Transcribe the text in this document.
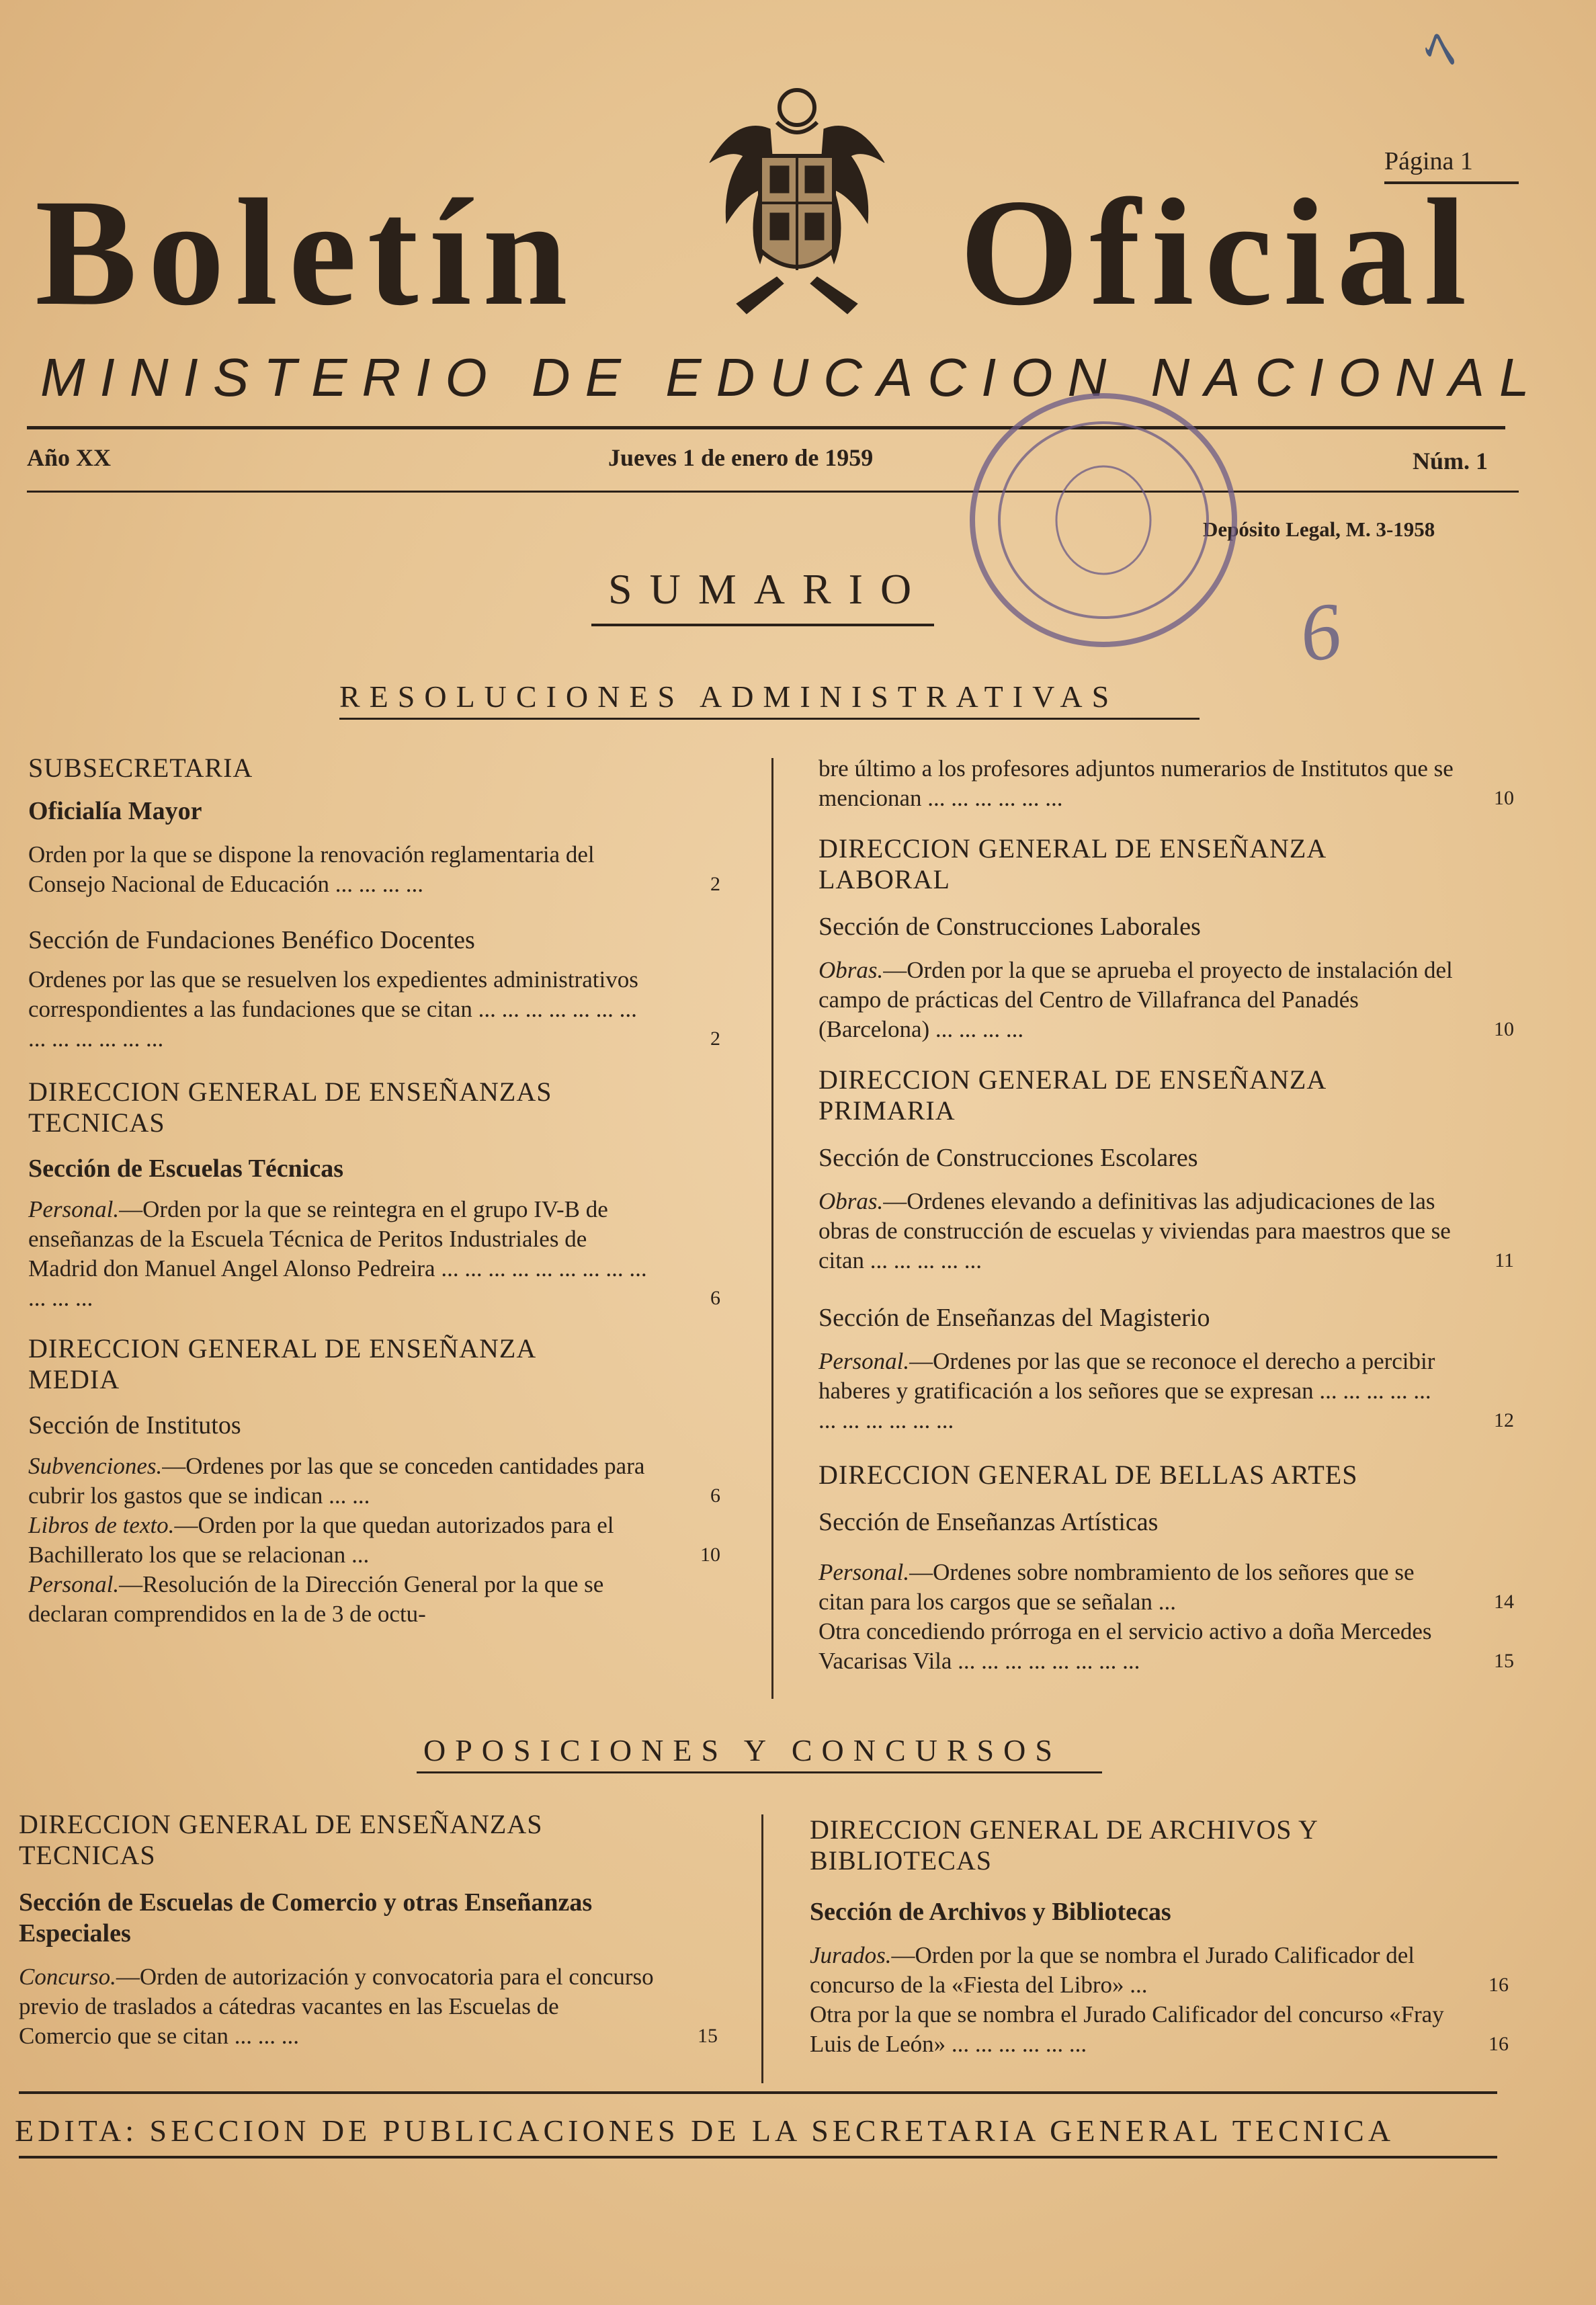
ﾍ
Página 1
Boletín Oficial
MINISTERIO DE EDUCACION NACIONAL
Año XX	Jueves 1 de enero de 1959	Núm. 1
Depósito Legal, M. 3-1958
6
SUMARIO
RESOLUCIONES ADMINISTRATIVAS
SUBSECRETARIA
Oficialía Mayor
Orden por la que se dispone la renovación reglamentaria del Consejo Nacional de Educación ... ... ... ...	2
Sección de Fundaciones Benéfico Docentes
Ordenes por las que se resuelven los expedientes administrativos correspondientes a las fundaciones que se citan ... ... ... ... ... ... ... ... ... ... ... ... ...	2
DIRECCION GENERAL DE ENSEÑANZAS TECNICAS
Sección de Escuelas Técnicas
Personal.—Orden por la que se reintegra en el grupo IV-B de enseñanzas de la Escuela Técnica de Peritos Industriales de Madrid don Manuel Angel Alonso Pedreira ... ... ... ... ... ... ... ... ... ... ... ...	6
DIRECCION GENERAL DE ENSEÑANZA MEDIA
Sección de Institutos
Subvenciones.—Ordenes por las que se conceden cantidades para cubrir los gastos que se indican ... ...	6
Libros de texto.—Orden por la que quedan autorizados para el Bachillerato los que se relacionan ...	10
Personal.—Resolución de la Dirección General por la que se declaran comprendidos en la de 3 de octu-
bre último a los profesores adjuntos numerarios de Institutos que se mencionan ... ... ... ... ... ...	10
DIRECCION GENERAL DE ENSEÑANZA LABORAL
Sección de Construcciones Laborales
Obras.—Orden por la que se aprueba el proyecto de instalación del campo de prácticas del Centro de Villafranca del Panadés (Barcelona) ... ... ... ...	10
DIRECCION GENERAL DE ENSEÑANZA PRIMARIA
Sección de Construcciones Escolares
Obras.—Ordenes elevando a definitivas las adjudicaciones de las obras de construcción de escuelas y viviendas para maestros que se citan ... ... ... ... ...	11
Sección de Enseñanzas del Magisterio
Personal.—Ordenes por las que se reconoce el derecho a percibir haberes y gratificación a los señores que se expresan ... ... ... ... ... ... ... ... ... ... ...	12
DIRECCION GENERAL DE BELLAS ARTES
Sección de Enseñanzas Artísticas
Personal.—Ordenes sobre nombramiento de los señores que se citan para los cargos que se señalan ...	14
Otra concediendo prórroga en el servicio activo a doña Mercedes Vacarisas Vila ... ... ... ... ... ... ... ...	15
OPOSICIONES Y CONCURSOS
DIRECCION GENERAL DE ENSEÑANZAS TECNICAS
Sección de Escuelas de Comercio y otras Enseñanzas Especiales
Concurso.—Orden de autorización y convocatoria para el concurso previo de traslados a cátedras vacantes en las Escuelas de Comercio que se citan ... ... ...	15
DIRECCION GENERAL DE ARCHIVOS Y BIBLIOTECAS
Sección de Archivos y Bibliotecas
Jurados.—Orden por la que se nombra el Jurado Calificador del concurso de la «Fiesta del Libro» ...	16
Otra por la que se nombra el Jurado Calificador del concurso «Fray Luis de León» ... ... ... ... ... ...	16
EDITA: SECCION DE PUBLICACIONES DE LA SECRETARIA GENERAL TECNICA
